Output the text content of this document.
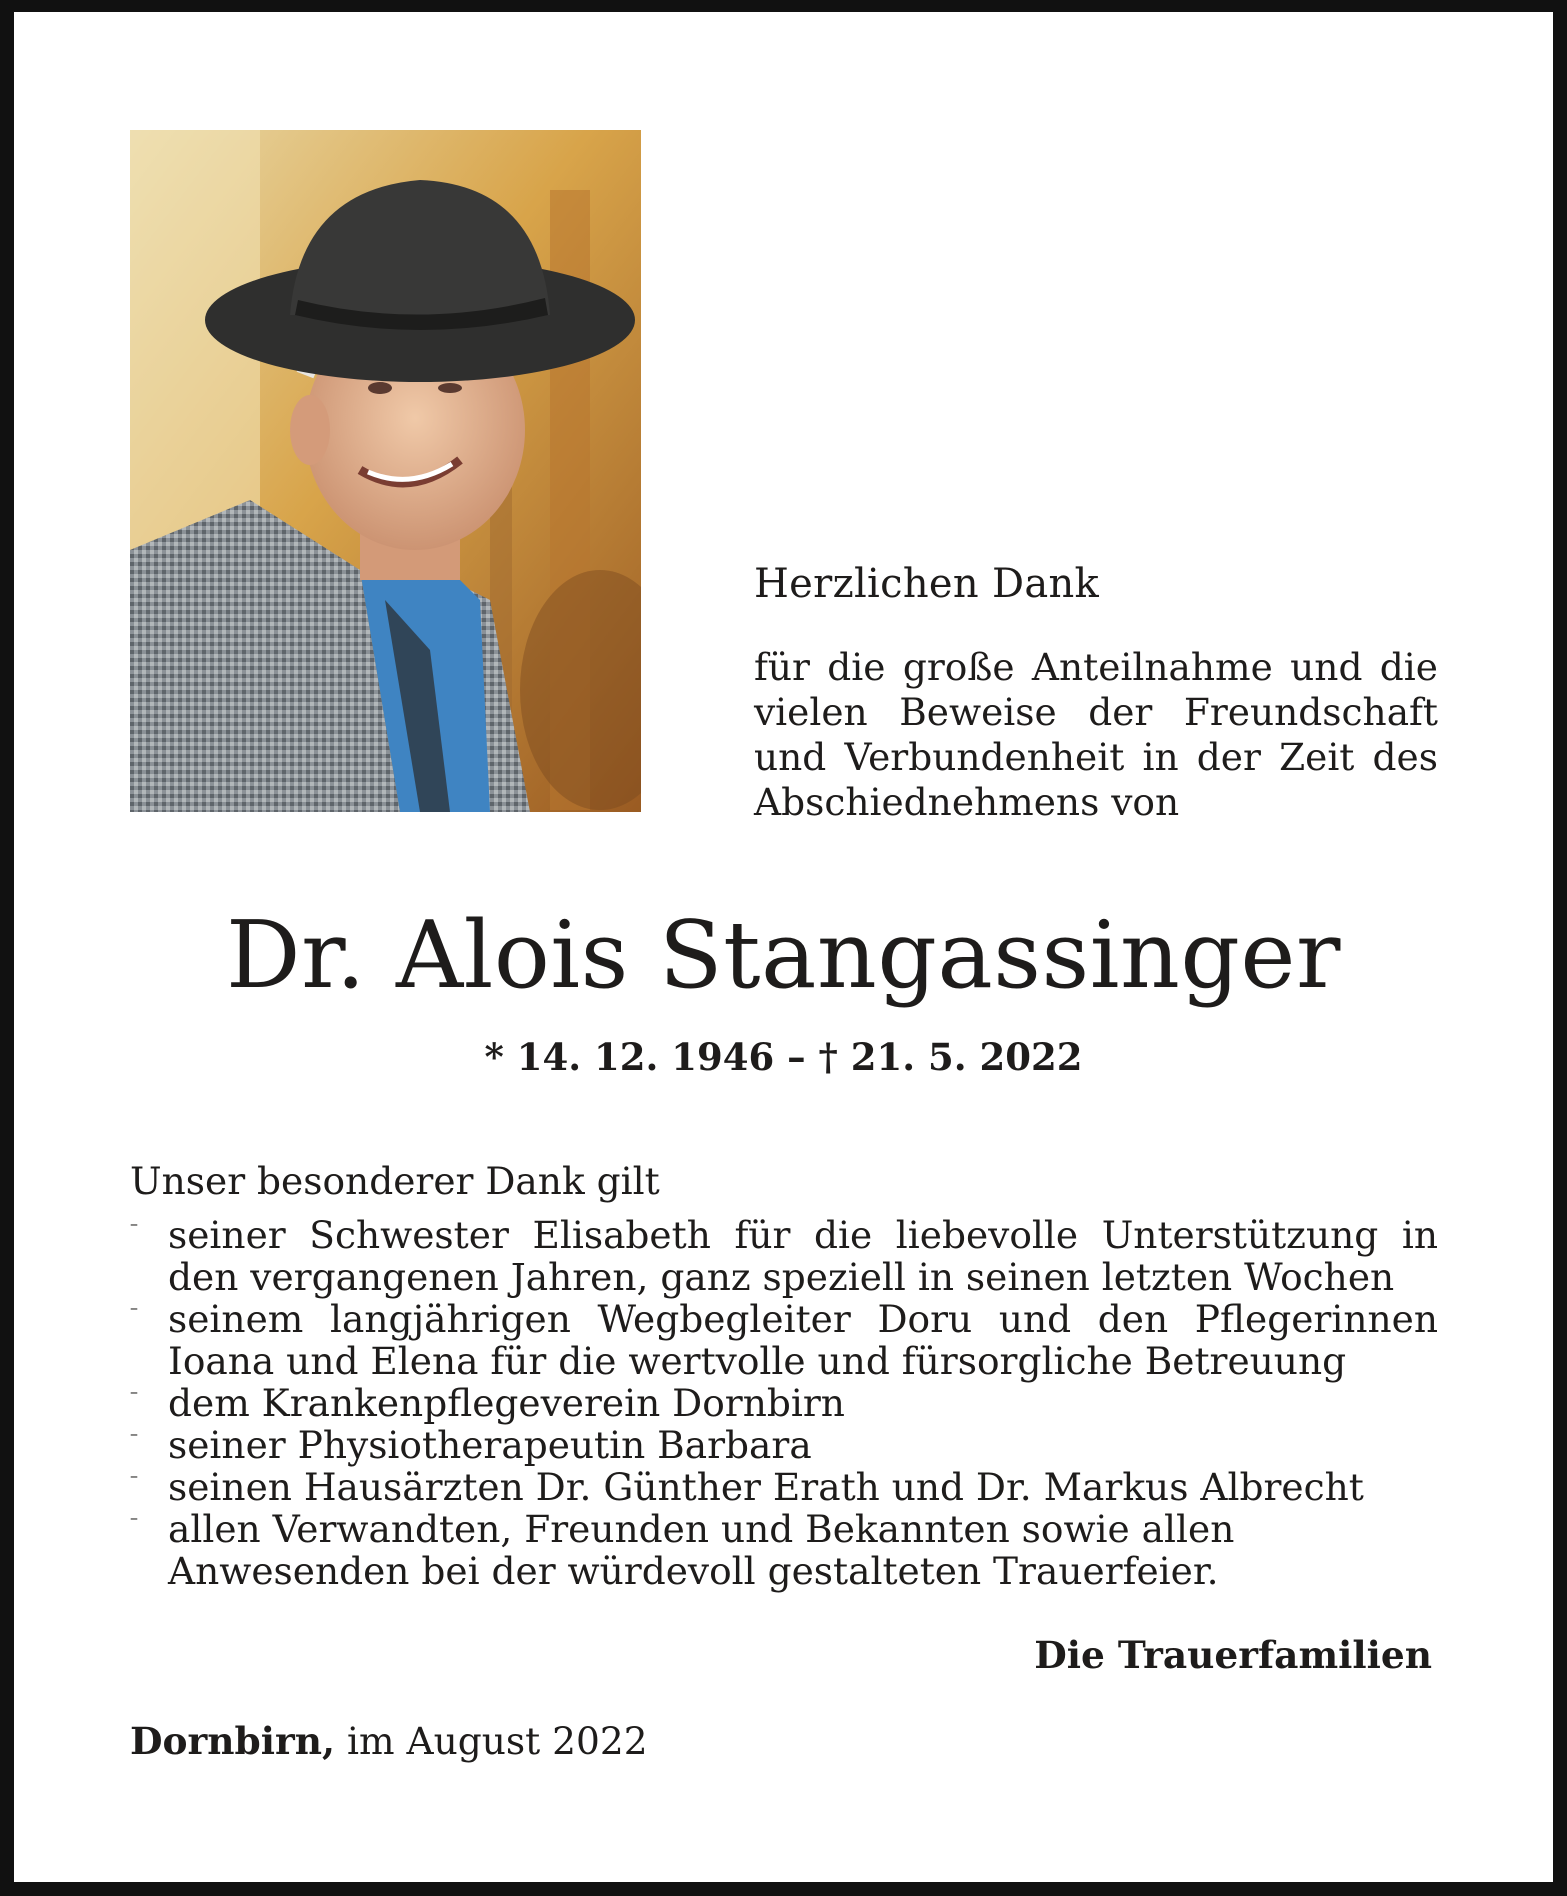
Herzlichen Dank
für die große Anteilnahme und die vielen Beweise der Freundschaft und Verbundenheit in der Zeit des Abschiednehmens von
Dr. Alois Stangassinger
* 14. 12. 1946 – † 21. 5. 2022
Unser besonderer Dank gilt
– seiner Schwester Elisabeth für die liebevolle Unterstützung in den vergangenen Jahren, ganz speziell in seinen letzten Wochen
– seinem langjährigen Wegbegleiter Doru und den Pflegerinnen Ioana und Elena für die wertvolle und fürsorgliche Betreuung
– dem Krankenpflegeverein Dornbirn
– seiner Physiotherapeutin Barbara
– seinen Hausärzten Dr. Günther Erath und Dr. Markus Albrecht
– allen Verwandten, Freunden und Bekannten sowie allen Anwesenden bei der würdevoll gestalteten Trauerfeier.
Die Trauerfamilien
Dornbirn, im August 2022
